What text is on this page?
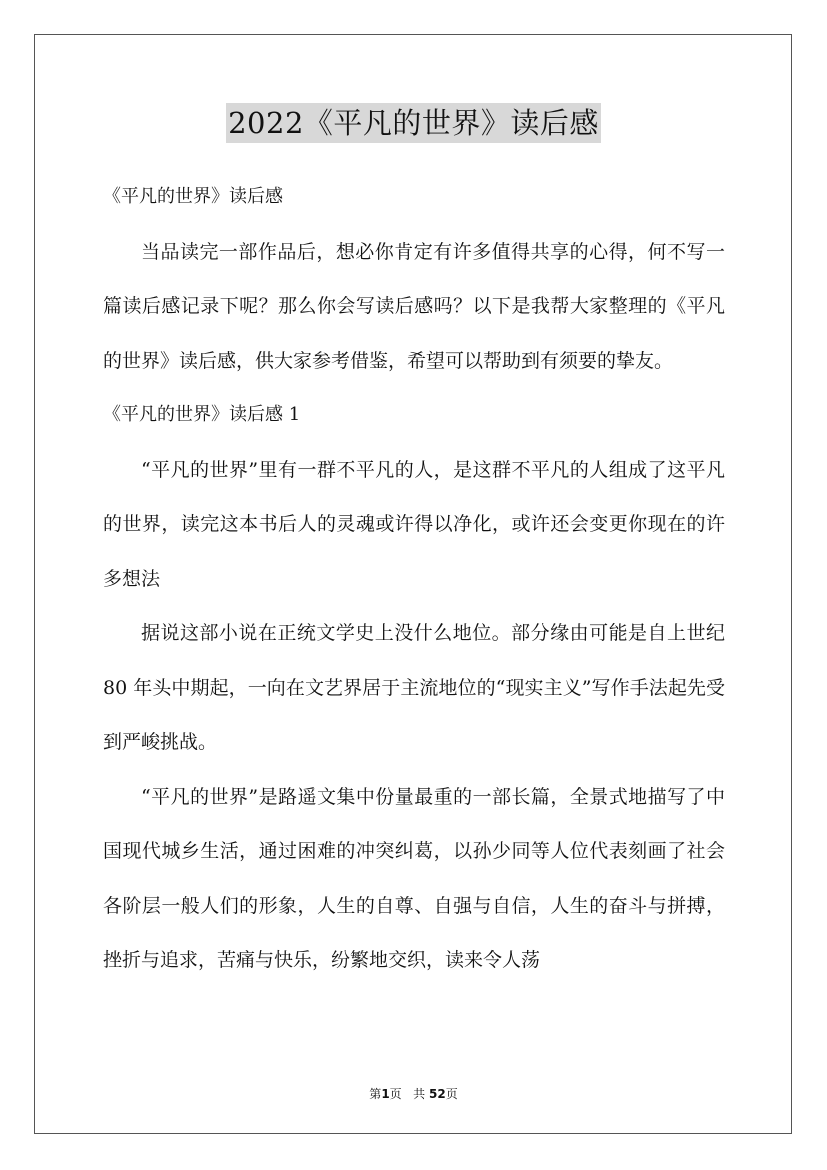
2022《平凡的世界》读后感

《平凡的世界》读后感

当品读完一部作品后，想必你肯定有许多值得共享的心得，何不写一篇读后感记录下呢？那么你会写读后感吗？以下是我帮大家整理的《平凡的世界》读后感，供大家参考借鉴，希望可以帮助到有须要的挚友。

《平凡的世界》读后感 1

“平凡的世界”里有一群不平凡的人，是这群不平凡的人组成了这平凡的世界，读完这本书后人的灵魂或许得以净化，或许还会变更你现在的许多想法

据说这部小说在正统文学史上没什么地位。部分缘由可能是自上世纪 80 年头中期起，一向在文艺界居于主流地位的“现实主义”写作手法起先受到严峻挑战。

“平凡的世界”是路遥文集中份量最重的一部长篇，全景式地描写了中国现代城乡生活，通过困难的冲突纠葛，以孙少同等人位代表刻画了社会各阶层一般人们的形象，人生的自尊、自强与自信，人生的奋斗与拼搏，挫折与追求，苦痛与快乐，纷繁地交织，读来令人荡

第1页 共 52页
